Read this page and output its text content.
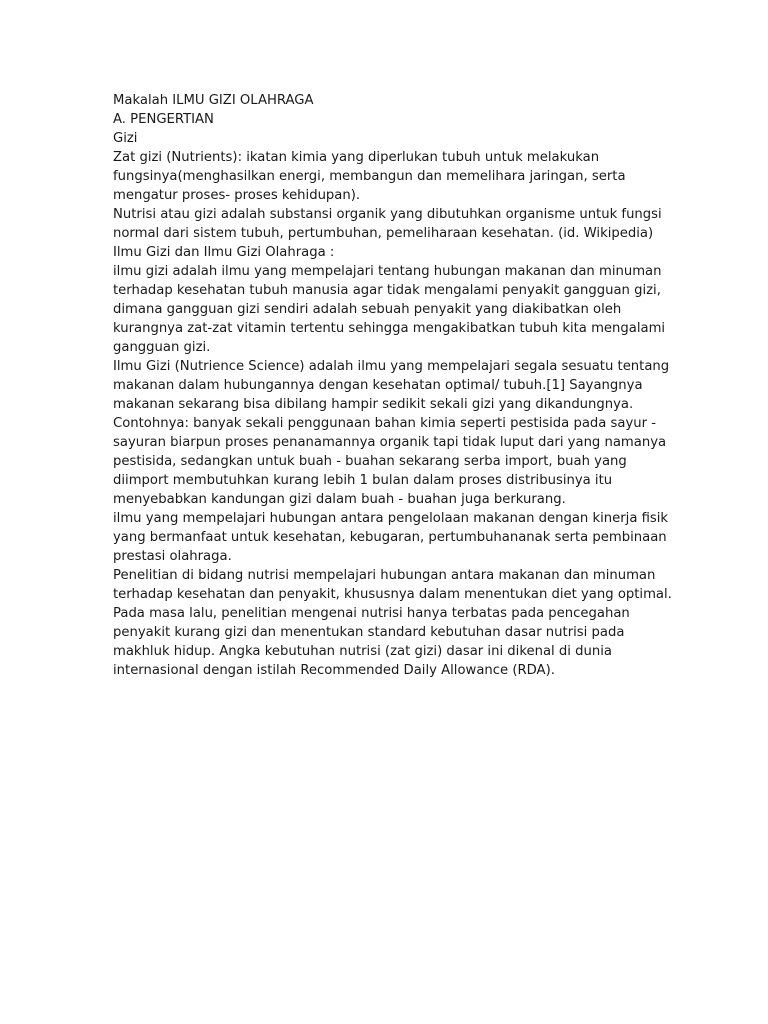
Makalah ILMU GIZI OLAHRAGA

A. PENGERTIAN

Gizi

Zat gizi (Nutrients): ikatan kimia yang diperlukan tubuh untuk melakukan fungsinya(menghasilkan energi, membangun dan memelihara jaringan, serta mengatur proses- proses kehidupan).

Nutrisi atau gizi adalah substansi organik yang dibutuhkan organisme untuk fungsi normal dari sistem tubuh, pertumbuhan, pemeliharaan kesehatan. (id. Wikipedia)

Ilmu Gizi dan Ilmu Gizi Olahraga :

ilmu gizi adalah ilmu yang mempelajari tentang hubungan makanan dan minuman terhadap kesehatan tubuh manusia agar tidak mengalami penyakit gangguan gizi, dimana gangguan gizi sendiri adalah sebuah penyakit yang diakibatkan oleh kurangnya zat-zat vitamin tertentu sehingga mengakibatkan tubuh kita mengalami gangguan gizi.

Ilmu Gizi (Nutrience Science) adalah ilmu yang mempelajari segala sesuatu tentang makanan dalam hubungannya dengan kesehatan optimal/ tubuh.[1] Sayangnya makanan sekarang bisa dibilang hampir sedikit sekali gizi yang dikandungnya. Contohnya: banyak sekali penggunaan bahan kimia seperti pestisida pada sayur - sayuran biarpun proses penanamannya organik tapi tidak luput dari yang namanya pestisida, sedangkan untuk buah - buahan sekarang serba import, buah yang diimport membutuhkan kurang lebih 1 bulan dalam proses distribusinya itu menyebabkan kandungan gizi dalam buah - buahan juga berkurang.

ilmu yang mempelajari hubungan antara pengelolaan makanan dengan kinerja fisik yang bermanfaat untuk kesehatan, kebugaran, pertumbuhananak serta pembinaan prestasi olahraga.

Penelitian di bidang nutrisi mempelajari hubungan antara makanan dan minuman terhadap kesehatan dan penyakit, khususnya dalam menentukan diet yang optimal. Pada masa lalu, penelitian mengenai nutrisi hanya terbatas pada pencegahan penyakit kurang gizi dan menentukan standard kebutuhan dasar nutrisi pada makhluk hidup. Angka kebutuhan nutrisi (zat gizi) dasar ini dikenal di dunia internasional dengan istilah Recommended Daily Allowance (RDA).
